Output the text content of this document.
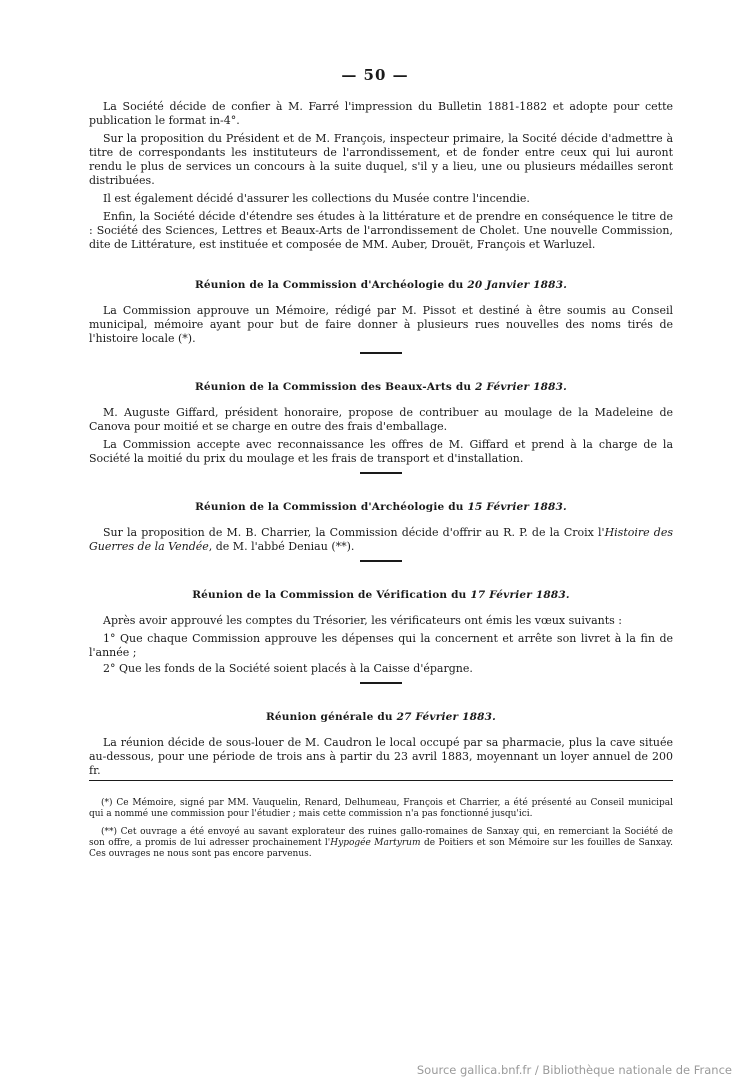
— 50 —

La Société décide de confier à M. Farré l'impression du Bulletin 1881-1882 et adopte pour cette publication le format in-4°.

Sur la proposition du Président et de M. François, inspecteur primaire, la Socité décide d'admettre à titre de correspondants les instituteurs de l'arrondissement, et de fonder entre ceux qui lui auront rendu le plus de services un concours à la suite duquel, s'il y a lieu, une ou plusieurs médailles seront distribuées.

Il est également décidé d'assurer les collections du Musée contre l'incendie.

Enfin, la Société décide d'étendre ses études à la littérature et de prendre en conséquence le titre de : Société des Sciences, Lettres et Beaux-Arts de l'arrondissement de Cholet. Une nouvelle Commission, dite de Littérature, est instituée et composée de MM. Auber, Drouët, François et Warluzel.

Réunion de la Commission d'Archéologie du 20 Janvier 1883.

La Commission approuve un Mémoire, rédigé par M. Pissot et destiné à être soumis au Conseil municipal, mémoire ayant pour but de faire donner à plusieurs rues nouvelles des noms tirés de l'histoire locale (*).

Réunion de la Commission des Beaux-Arts du 2 Février 1883.

M. Auguste Giffard, président honoraire, propose de contribuer au moulage de la Madeleine de Canova pour moitié et se charge en outre des frais d'emballage.

La Commission accepte avec reconnaissance les offres de M. Giffard et prend à la charge de la Société la moitié du prix du moulage et les frais de transport et d'installation.

Réunion de la Commission d'Archéologie du 15 Février 1883.

Sur la proposition de M. B. Charrier, la Commission décide d'offrir au R. P. de la Croix l'Histoire des Guerres de la Vendée, de M. l'abbé Deniau (**).

Réunion de la Commission de Vérification du 17 Février 1883.

Après avoir approuvé les comptes du Trésorier, les vérificateurs ont émis les vœux suivants :

1° Que chaque Commission approuve les dépenses qui la concernent et arrête son livret à la fin de l'année ;

2° Que les fonds de la Société soient placés à la Caisse d'épargne.

Réunion générale du 27 Février 1883.

La réunion décide de sous-louer de M. Caudron le local occupé par sa pharmacie, plus la cave située au-dessous, pour une période de trois ans à partir du 23 avril 1883, moyennant un loyer annuel de 200 fr.

(*) Ce Mémoire, signé par MM. Vauquelin, Renard, Delhumeau, François et Charrier, a été présenté au Conseil municipal qui a nommé une commission pour l'étudier ; mais cette commission n'a pas fonctionné jusqu'ici.

(**) Cet ouvrage a été envoyé au savant explorateur des ruines gallo-romaines de Sanxay qui, en remerciant la Société de son offre, a promis de lui adresser prochainement l'Hypogée Martyrum de Poitiers et son Mémoire sur les fouilles de Sanxay. Ces ouvrages ne nous sont pas encore parvenus.

Source gallica.bnf.fr / Bibliothèque nationale de France
